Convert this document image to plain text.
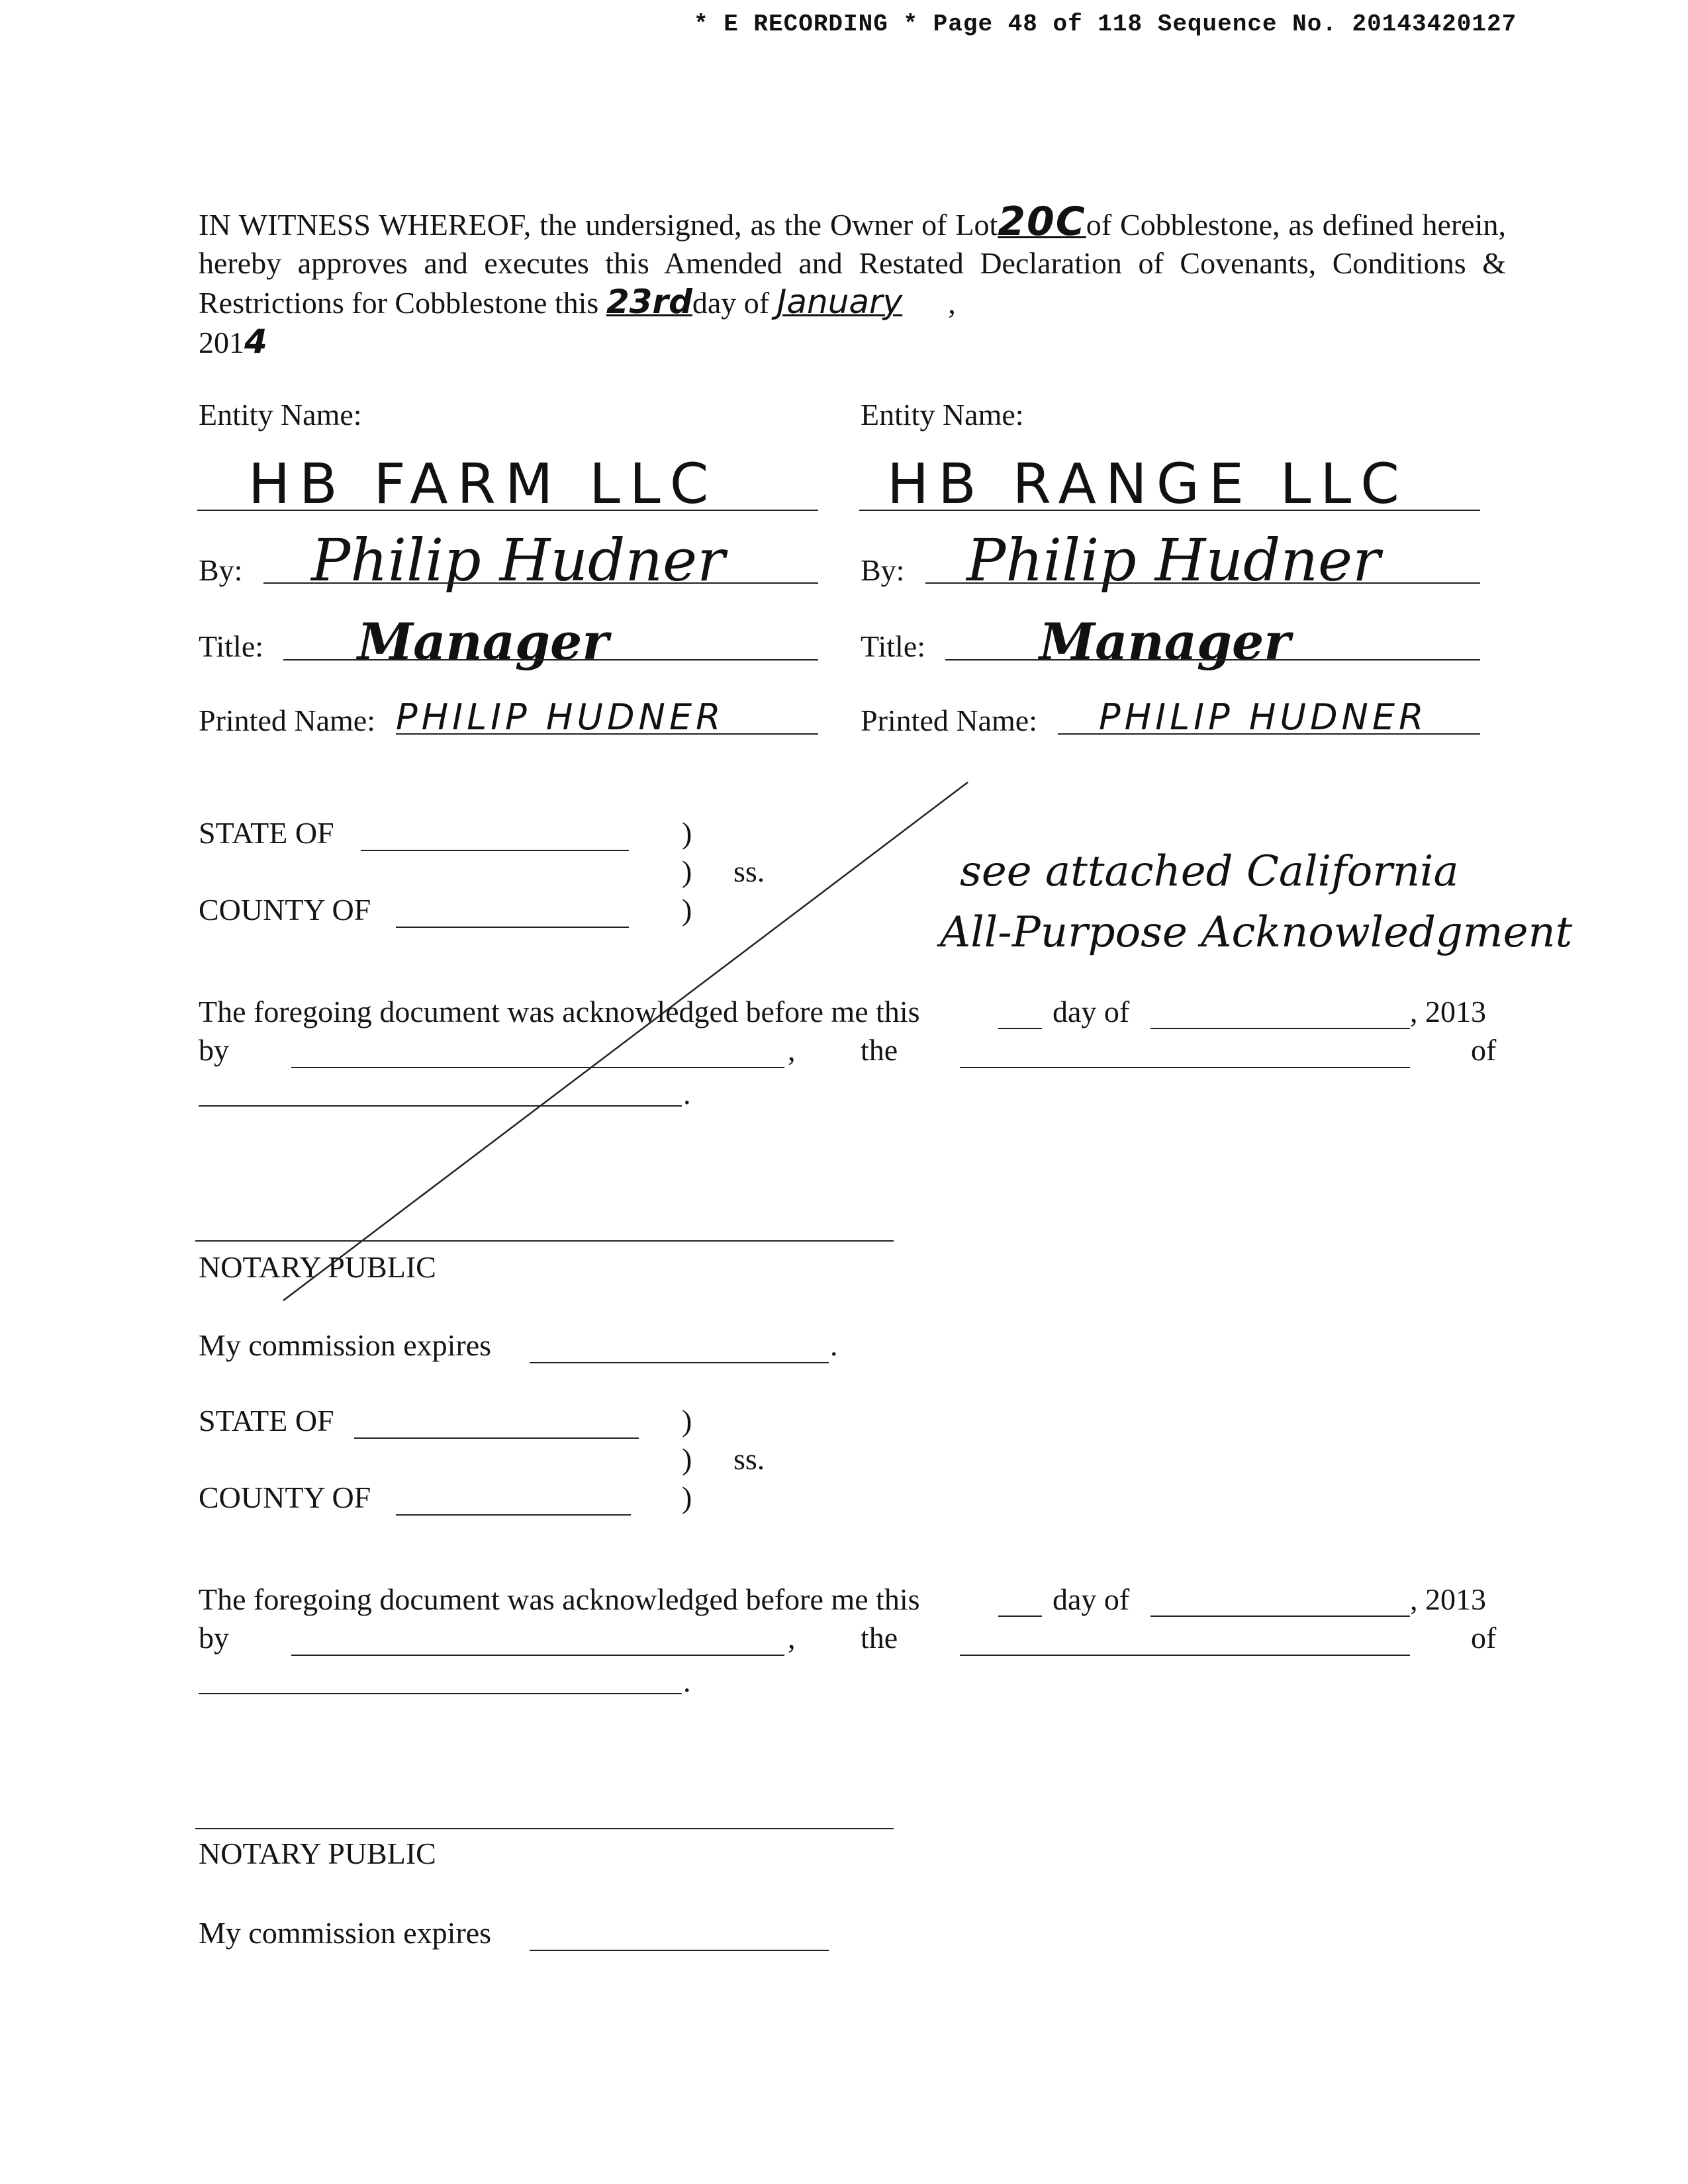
* E RECORDING * Page 48 of 118 Sequence No. 20143420127
IN WITNESS WHEREOF, the undersigned, as the Owner of Lot20Cof Cobblestone, as defined herein, hereby approves and executes this Amended and Restated Declaration of Covenants, Conditions & Restrictions for Cobblestone this 23rdday of January ,
2014
Entity Name:
HB FARM LLC
By: Philip Hudner
Title: Manager
Printed Name: PHILIP HUDNER
Entity Name:
HB RANGE LLC
By: Philip Hudner
Title: Manager
Printed Name: PHILIP HUDNER
STATE OF	)
) ss.
)
COUNTY OF
see attached California
All-Purpose Acknowledgment
The foregoing document was acknowledged before me this	day of	, 2013
by	, the	of
.
NOTARY PUBLIC
My commission expires	.
STATE OF	)
) ss.
)
COUNTY OF
The foregoing document was acknowledged before me this	day of	, 2013
by	, the	of
.
NOTARY PUBLIC
My commission expires
